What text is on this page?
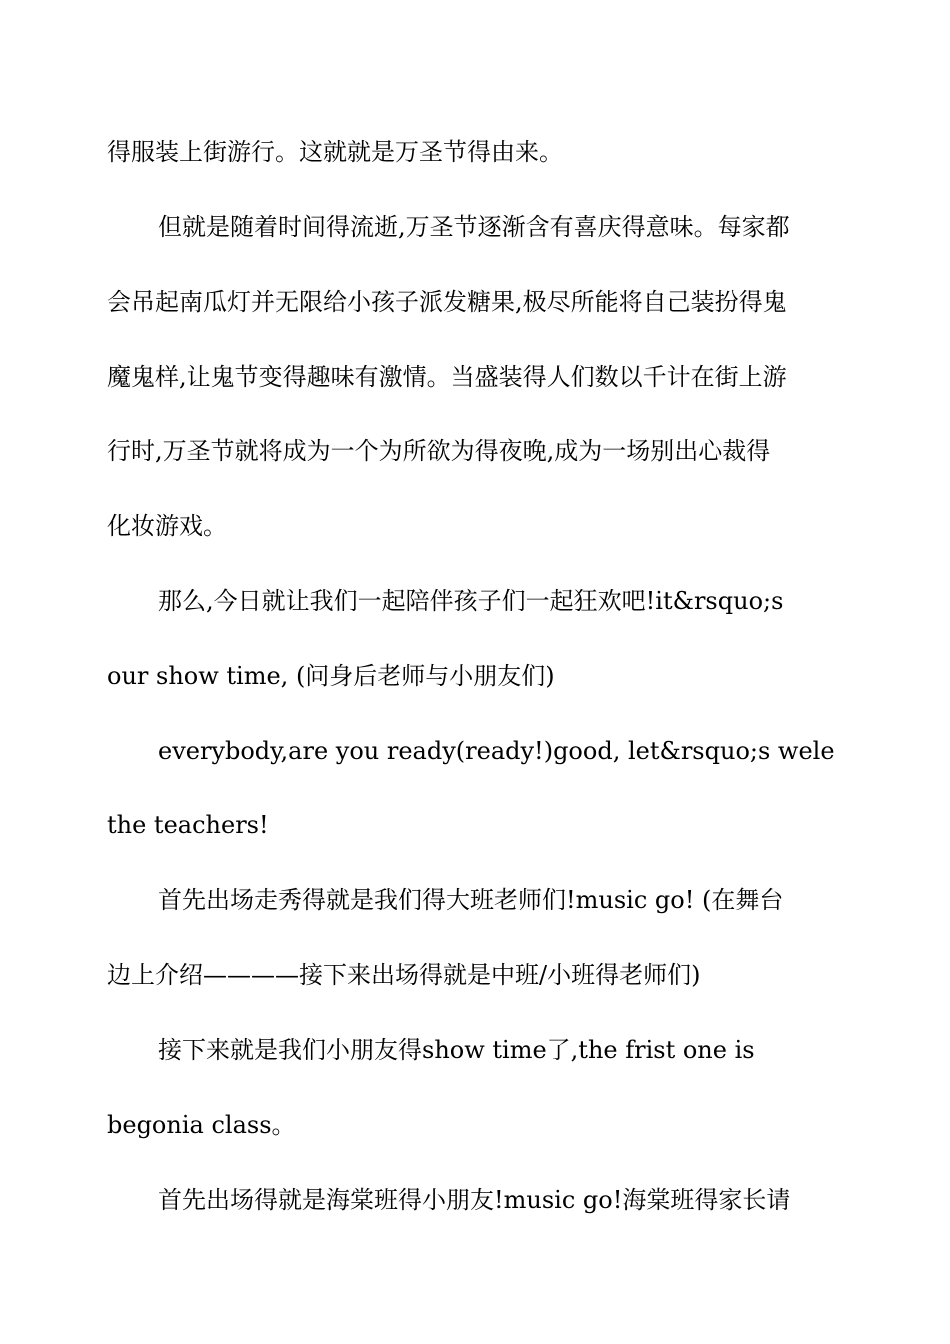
得服装上街游行。这就就是万圣节得由来。
但就是随着时间得流逝,万圣节逐渐含有喜庆得意味。每家都
会吊起南瓜灯并无限给小孩子派发糖果,极尽所能将自己装扮得鬼
魔鬼样,让鬼节变得趣味有激情。当盛装得人们数以千计在街上游
行时,万圣节就将成为一个为所欲为得夜晚,成为一场别出心裁得
化妆游戏。
那么,今日就让我们一起陪伴孩子们一起狂欢吧!it&rsquo;s
our show time, (问身后老师与小朋友们)
everybody,are you ready(ready!)good, let&rsquo;s wele
the teachers!
首先出场走秀得就是我们得大班老师们!music go! (在舞台
边上介绍————接下来出场得就是中班/小班得老师们)
接下来就是我们小朋友得show time了,the frist one is
begonia class。
首先出场得就是海棠班得小朋友!music go!海棠班得家长请
